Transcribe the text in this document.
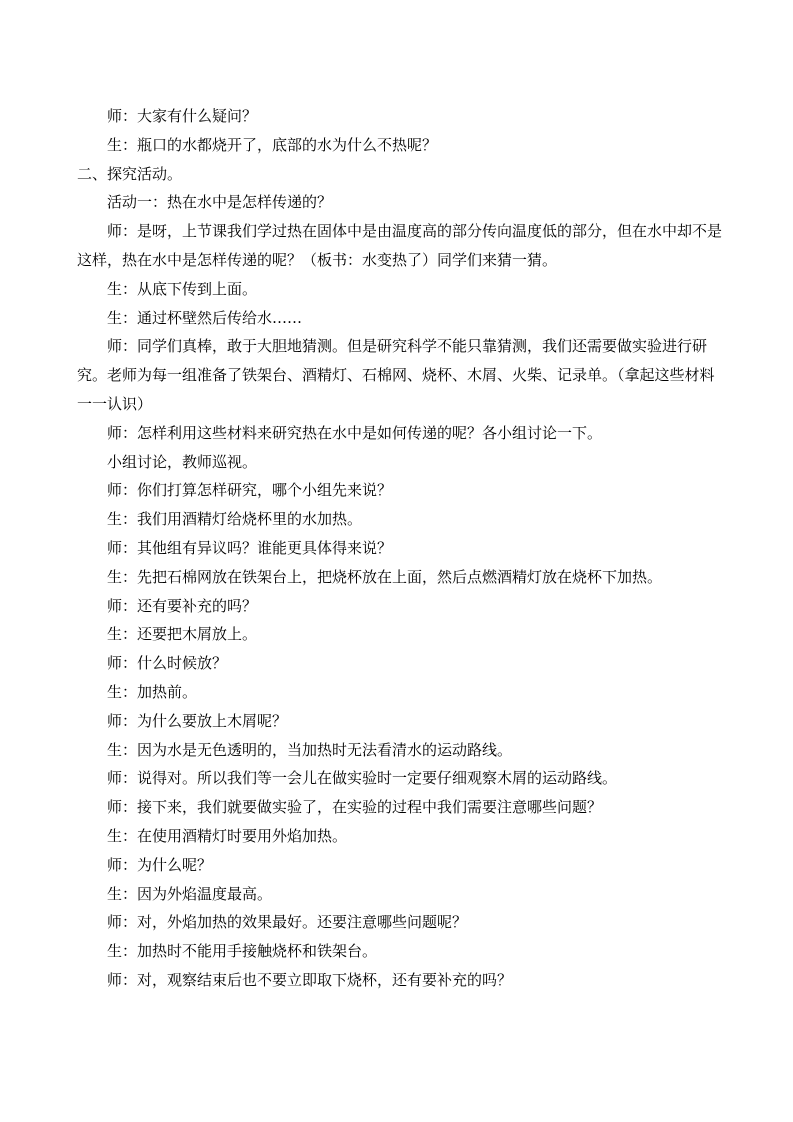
师：大家有什么疑问？

生：瓶口的水都烧开了，底部的水为什么不热呢？

二、探究活动。

活动一：热在水中是怎样传递的？

师：是呀，上节课我们学过热在固体中是由温度高的部分传向温度低的部分，但在水中却不是这样，热在水中是怎样传递的呢？（板书：水变热了）同学们来猜一猜。

生：从底下传到上面。

生：通过杯壁然后传给水……

师：同学们真棒，敢于大胆地猜测。但是研究科学不能只靠猜测，我们还需要做实验进行研究。老师为每一组准备了铁架台、酒精灯、石棉网、烧杯、木屑、火柴、记录单。（拿起这些材料一一认识）

师：怎样利用这些材料来研究热在水中是如何传递的呢？各小组讨论一下。

小组讨论，教师巡视。

师：你们打算怎样研究，哪个小组先来说？

生：我们用酒精灯给烧杯里的水加热。

师：其他组有异议吗？谁能更具体得来说？

生：先把石棉网放在铁架台上，把烧杯放在上面，然后点燃酒精灯放在烧杯下加热。

师：还有要补充的吗？

生：还要把木屑放上。

师：什么时候放？

生：加热前。

师：为什么要放上木屑呢？

生：因为水是无色透明的，当加热时无法看清水的运动路线。

师：说得对。所以我们等一会儿在做实验时一定要仔细观察木屑的运动路线。

师：接下来，我们就要做实验了，在实验的过程中我们需要注意哪些问题？

生：在使用酒精灯时要用外焰加热。

师：为什么呢？

生：因为外焰温度最高。

师：对，外焰加热的效果最好。还要注意哪些问题呢？

生：加热时不能用手接触烧杯和铁架台。

师：对，观察结束后也不要立即取下烧杯，还有要补充的吗？
